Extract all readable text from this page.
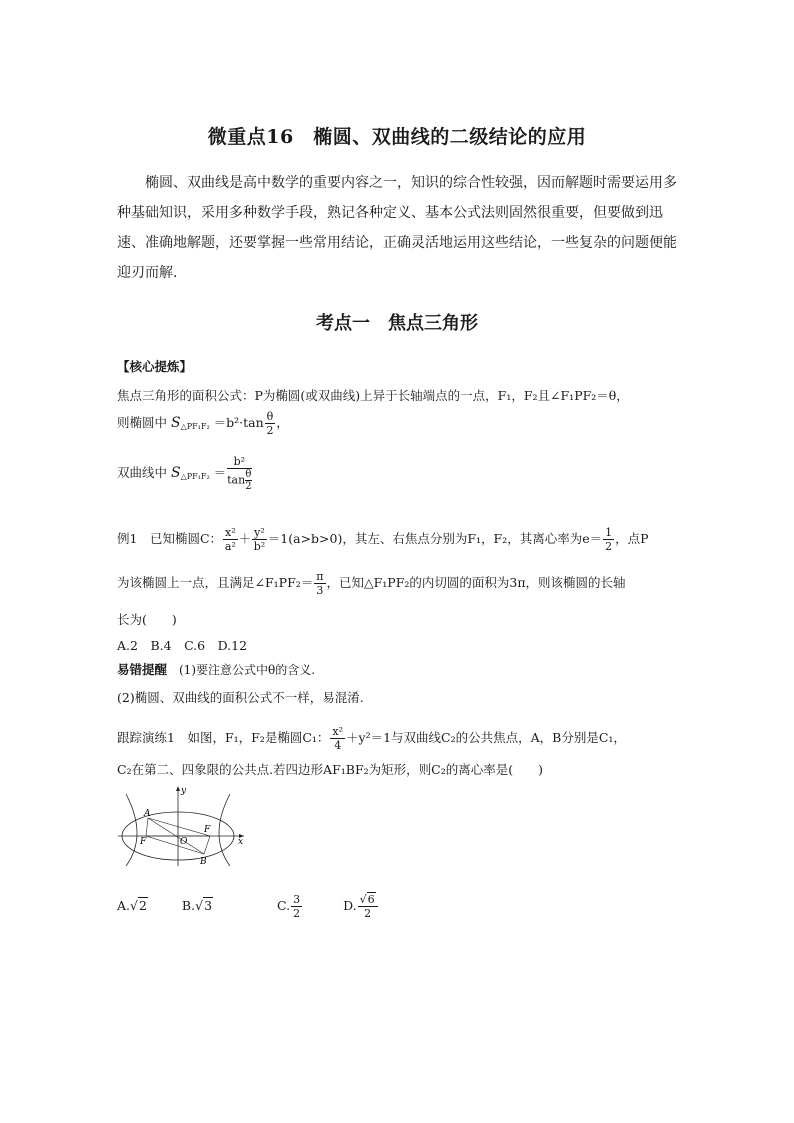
微重点16　椭圆、双曲线的二级结论的应用
椭圆、双曲线是高中数学的重要内容之一，知识的综合性较强，因而解题时需要运用多种基础知识，采用多种数学手段，熟记各种定义、基本公式法则固然很重要，但要做到迅速、准确地解题，还要掌握一些常用结论，正确灵活地运用这些结论，一些复杂的问题便能迎刃而解.
考点一　焦点三角形
【核心提炼】
焦点三角形的面积公式：P为椭圆(或双曲线)上异于长轴端点的一点，F₁，F₂且∠F₁PF₂＝θ，
则椭圆中 $S_{\triangle PF_1F_2} =b^2\cdot\tan \frac{\theta}{2}$ ，
双曲线中 $S_{\triangle PF_1F_2} = \frac{\text{b²}}{\tan \frac{\theta}{2}}$
例1　已知椭圆C： $\frac{\text{x²}}{\text{a²}} + \frac{\text{y²}}{\text{b²}} =1(a>b>0)$，其左、右焦点分别为F₁，F₂，其离心率为$e= \frac{1}{2}$ ，点P
为该椭圆上一点，且满足∠F₁PF₂＝ $\frac{\pi}{3}$ ，已知△F₁PF₂的内切圆的面积为3π，则该椭圆的长轴
长为(　　)
A.2　B.4　C.6　D.12
易错提醒 (1)要注意公式中θ的含义.
(2)椭圆、双曲线的面积公式不一样，易混淆.
跟踪演练1　如图，F₁，F₂是椭圆C₁： $\frac{\text{x²}}{4} +y^2=1$与双曲线C₂的公共焦点，A，B分别是C₁，
C₂在第二、四象限的公共点.若四边形AF₁BF₂为矩形，则C₂的离心率是(　　)
A
B
O
F
F
x
y
A.√2	B.√3	C. $\frac{3}{2}$	D. $\frac{√6}{2}$
